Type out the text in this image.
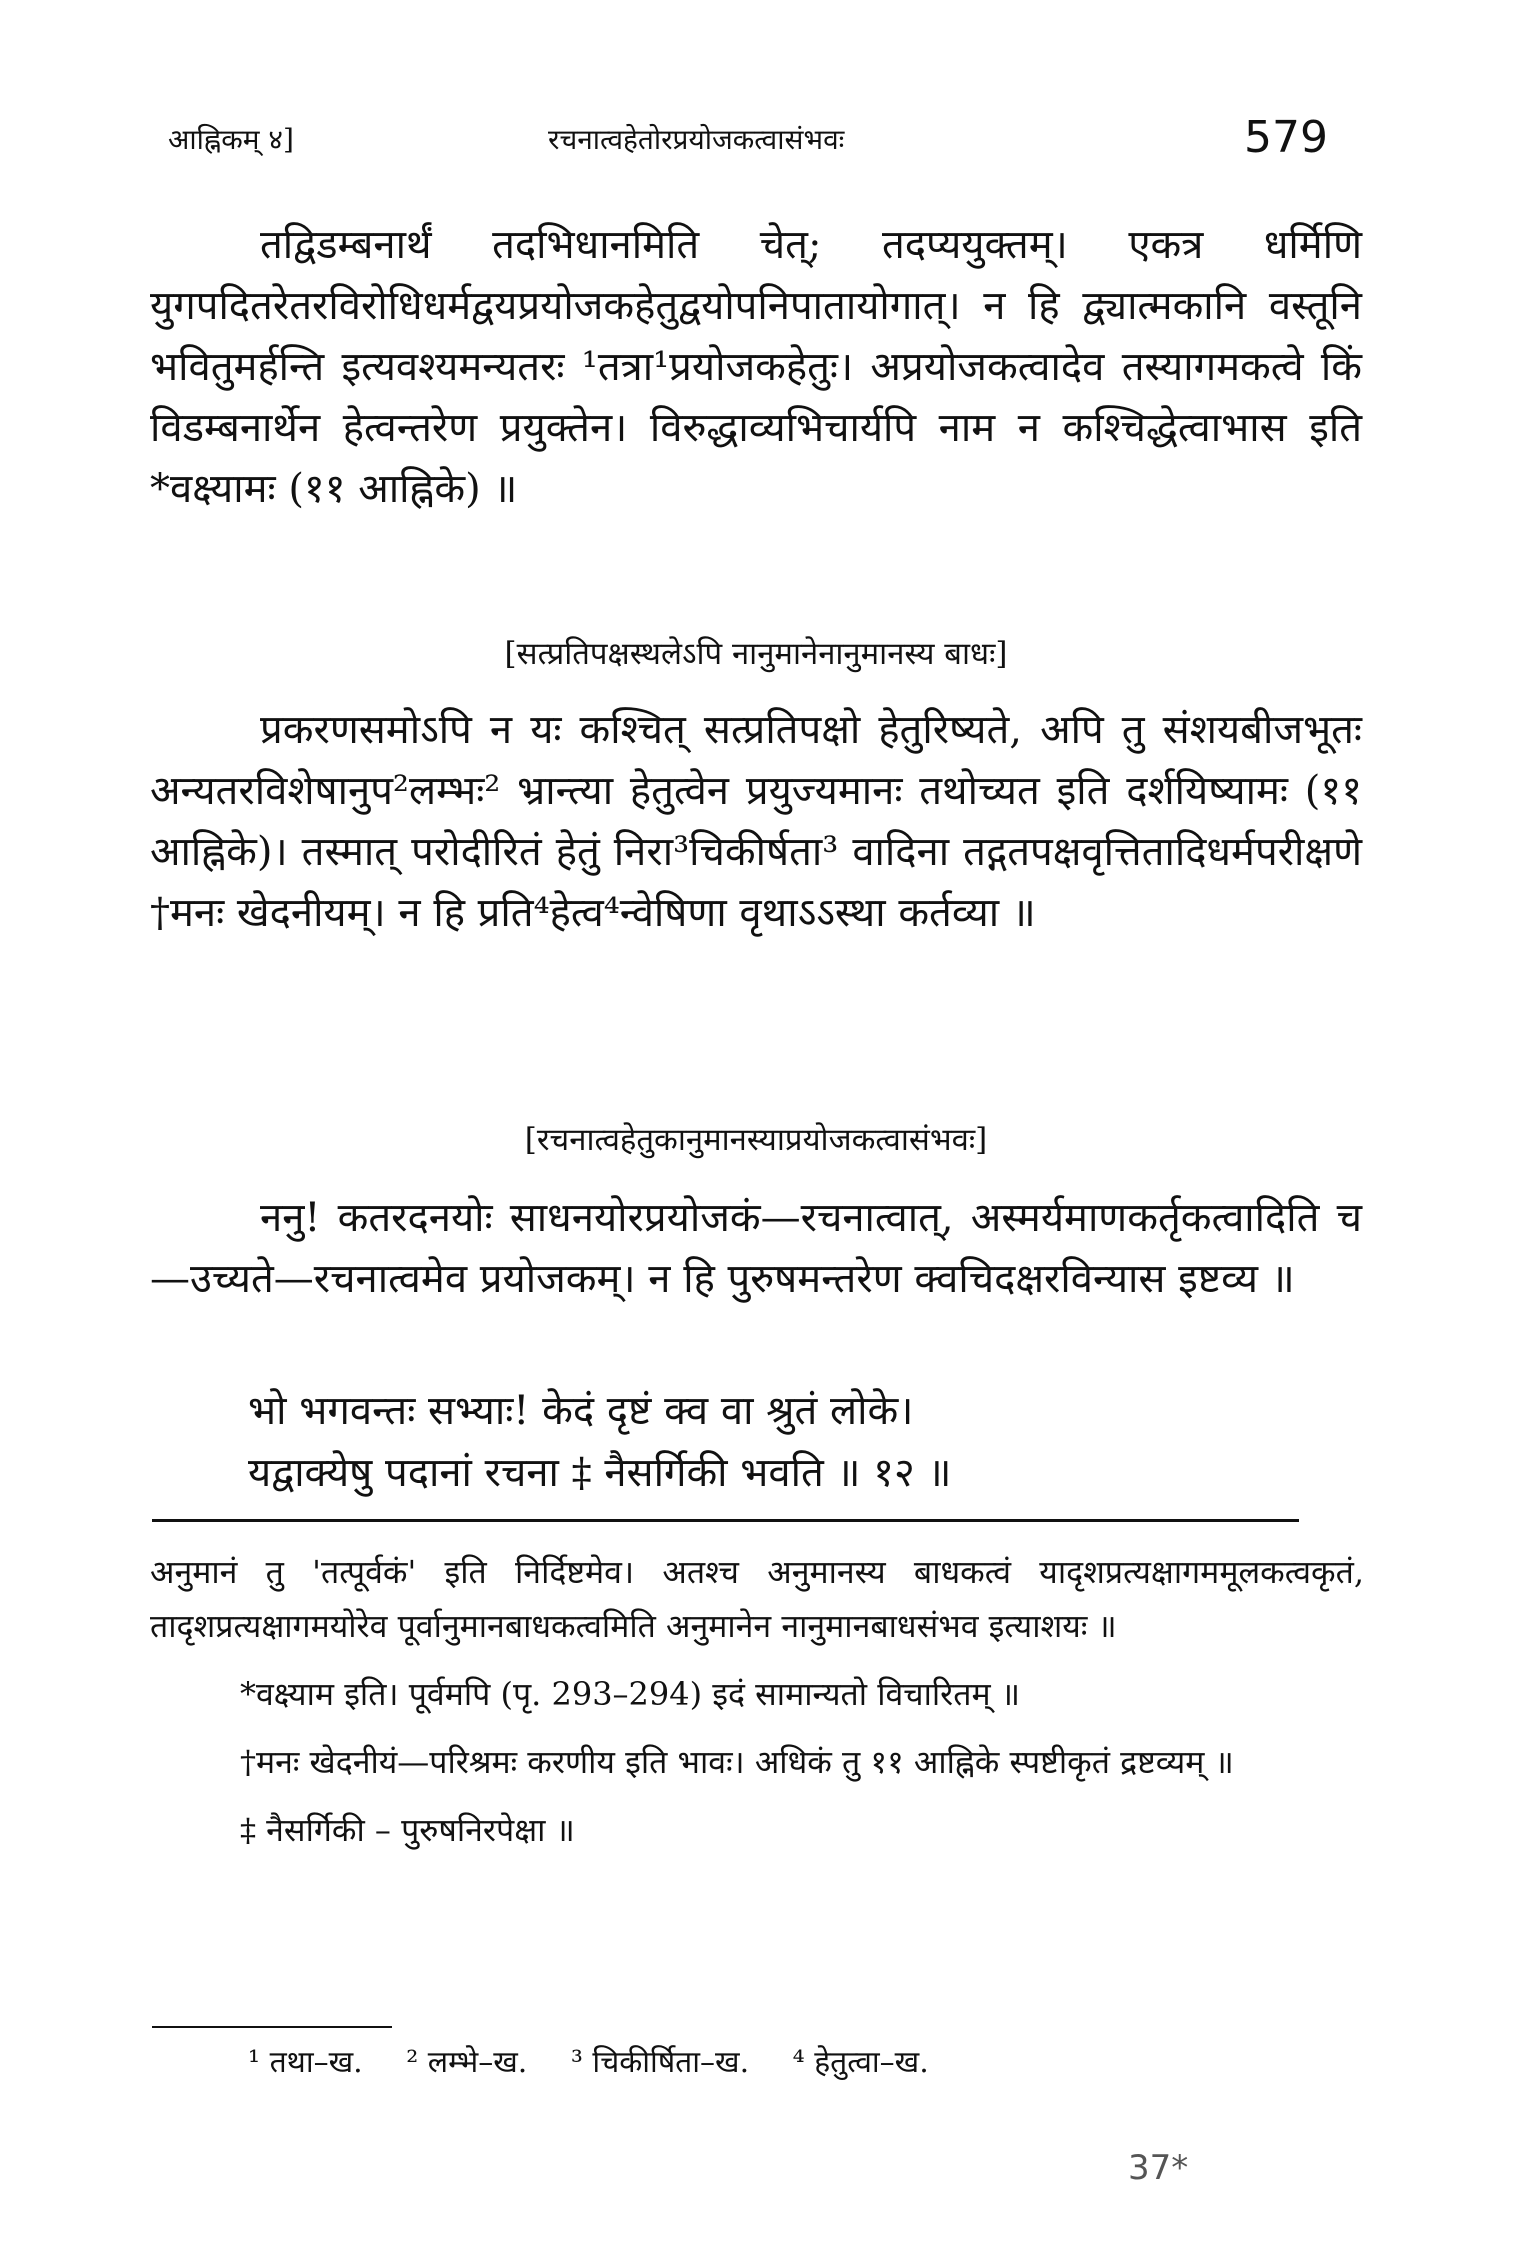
आह्निकम् ४]	रचनात्वहेतोरप्रयोजकत्वासंभवः	579
तद्विडम्बनार्थं तदभिधानमिति चेत्; तदप्ययुक्तम्। एकत्र धर्मिणि युगपदितरेतरविरोधिधर्मद्वयप्रयोजकहेतुद्वयोपनिपातायोगात्। न हि द्व्यात्मकानि वस्तूनि भवितुमर्हन्ति इत्यवश्यमन्यतरः ¹तत्रा¹प्रयोजकहेतुः। अप्रयोजकत्वादेव तस्यागमकत्वे किं विडम्बनार्थेन हेत्वन्तरेण प्रयुक्तेन। विरुद्धाव्यभिचार्यपि नाम न कश्चिद्धेत्वाभास इति *वक्ष्यामः (११ आह्निके) ॥
[सत्प्रतिपक्षस्थलेऽपि नानुमानेनानुमानस्य बाधः]
प्रकरणसमोऽपि न यः कश्चित् सत्प्रतिपक्षो हेतुरिष्यते, अपि तु संशयबीजभूतः अन्यतरविशेषानुप²लम्भः² भ्रान्त्या हेतुत्वेन प्रयुज्यमानः तथोच्यत इति दर्शयिष्यामः (११ आह्निके)। तस्मात् परोदीरितं हेतुं निरा³चिकीर्षता³ वादिना तद्गतपक्षवृत्तितादिधर्मपरीक्षणे †मनः खेदनीयम्। न हि प्रति⁴हेत्व⁴न्वेषिणा वृथाऽऽस्था कर्तव्या ॥
[रचनात्वहेतुकानुमानस्याप्रयोजकत्वासंभवः]
ननु! कतरदनयोः साधनयोरप्रयोजकं—रचनात्वात्, अस्मर्यमाणकर्तृकत्वादिति च—उच्यते—रचनात्वमेव प्रयोजकम्। न हि पुरुषमन्तरेण क्वचिदक्षरविन्यास इष्टव्य ॥
भो भगवन्तः सभ्याः! केदं दृष्टं क्व वा श्रुतं लोके।
यद्वाक्येषु पदानां रचना ‡ नैसर्गिकी भवति ॥ १२ ॥

अनुमानं तु 'तत्पूर्वकं' इति निर्दिष्टमेव। अतश्च अनुमानस्य बाधकत्वं यादृशप्रत्यक्षागममूलकत्वकृतं, तादृशप्रत्यक्षागमयोरेव पूर्वानुमानबाधकत्वमिति अनुमानेन नानुमानबाधसंभव इत्याशयः ॥

*वक्ष्याम इति। पूर्वमपि (पृ. 293–294) इदं सामान्यतो विचारितम् ॥

†मनः खेदनीयं—परिश्रमः करणीय इति भावः। अधिकं तु ११ आह्निके स्पष्टीकृतं द्रष्टव्यम् ॥

‡ नैसर्गिकी – पुरुषनिरपेक्षा ॥

¹ तथा–ख. ² लम्भे–ख. ³ चिकीर्षिता–ख. ⁴ हेतुत्वा–ख.
37*
